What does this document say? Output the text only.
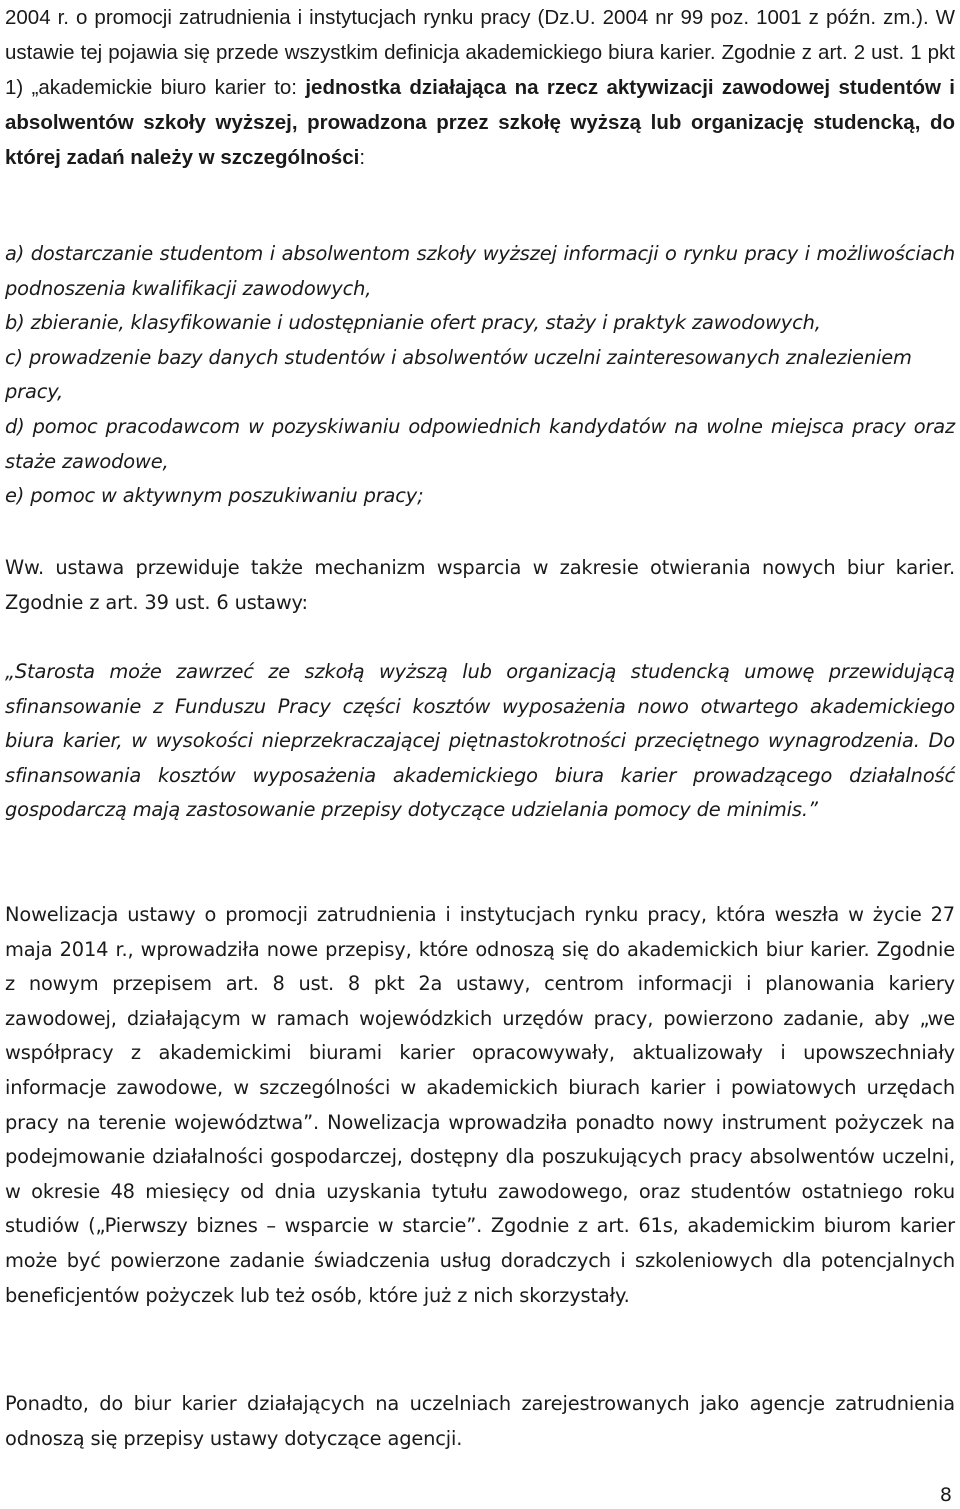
2004 r. o promocji zatrudnienia i instytucjach rynku pracy (Dz.U. 2004 nr 99 poz. 1001 z późn. zm.). W ustawie tej pojawia się przede wszystkim definicja akademickiego biura karier. Zgodnie z art. 2 ust. 1 pkt 1) „akademickie biuro karier to: jednostka działająca na rzecz aktywizacji zawodowej studentów i absolwentów szkoły wyższej, prowadzona przez szkołę wyższą lub organizację studencką, do której zadań należy w szczególności:

a) dostarczanie studentom i absolwentom szkoły wyższej informacji o rynku pracy i możliwościach podnoszenia kwalifikacji zawodowych,

b) zbieranie, klasyfikowanie i udostępnianie ofert pracy, staży i praktyk zawodowych,

c) prowadzenie bazy danych studentów i absolwentów uczelni zainteresowanych znalezieniem pracy,

d) pomoc pracodawcom w pozyskiwaniu odpowiednich kandydatów na wolne miejsca pracy oraz staże zawodowe,

e) pomoc w aktywnym poszukiwaniu pracy;

Ww. ustawa przewiduje także mechanizm wsparcia w zakresie otwierania nowych biur karier. Zgodnie z art. 39 ust. 6 ustawy:

„Starosta może zawrzeć ze szkołą wyższą lub organizacją studencką umowę przewidującą sfinansowanie z Funduszu Pracy części kosztów wyposażenia nowo otwartego akademickiego biura karier, w wysokości nieprzekraczającej piętnastokrotności przeciętnego wynagrodzenia. Do sfinansowania kosztów wyposażenia akademickiego biura karier prowadzącego działalność gospodarczą mają zastosowanie przepisy dotyczące udzielania pomocy de minimis.”

Nowelizacja ustawy o promocji zatrudnienia i instytucjach rynku pracy, która weszła w życie 27 maja 2014 r., wprowadziła nowe przepisy, które odnoszą się do akademickich biur karier. Zgodnie z nowym przepisem art. 8 ust. 8 pkt 2a ustawy, centrom informacji i planowania kariery zawodowej, działającym w ramach wojewódzkich urzędów pracy, powierzono zadanie, aby „we współpracy z akademickimi biurami karier opracowywały, aktualizowały i upowszechniały informacje zawodowe, w szczególności w akademickich biurach karier i powiatowych urzędach pracy na terenie województwa”. Nowelizacja wprowadziła ponadto nowy instrument pożyczek na podejmowanie działalności gospodarczej, dostępny dla poszukujących pracy absolwentów uczelni, w okresie 48 miesięcy od dnia uzyskania tytułu zawodowego, oraz studentów ostatniego roku studiów („Pierwszy biznes – wsparcie w starcie”. Zgodnie z art. 61s, akademickim biurom karier może być powierzone zadanie świadczenia usług doradczych i szkoleniowych dla potencjalnych beneficjentów pożyczek lub też osób, które już z nich skorzystały.

Ponadto, do biur karier działających na uczelniach zarejestrowanych jako agencje zatrudnienia odnoszą się przepisy ustawy dotyczące agencji.

8
